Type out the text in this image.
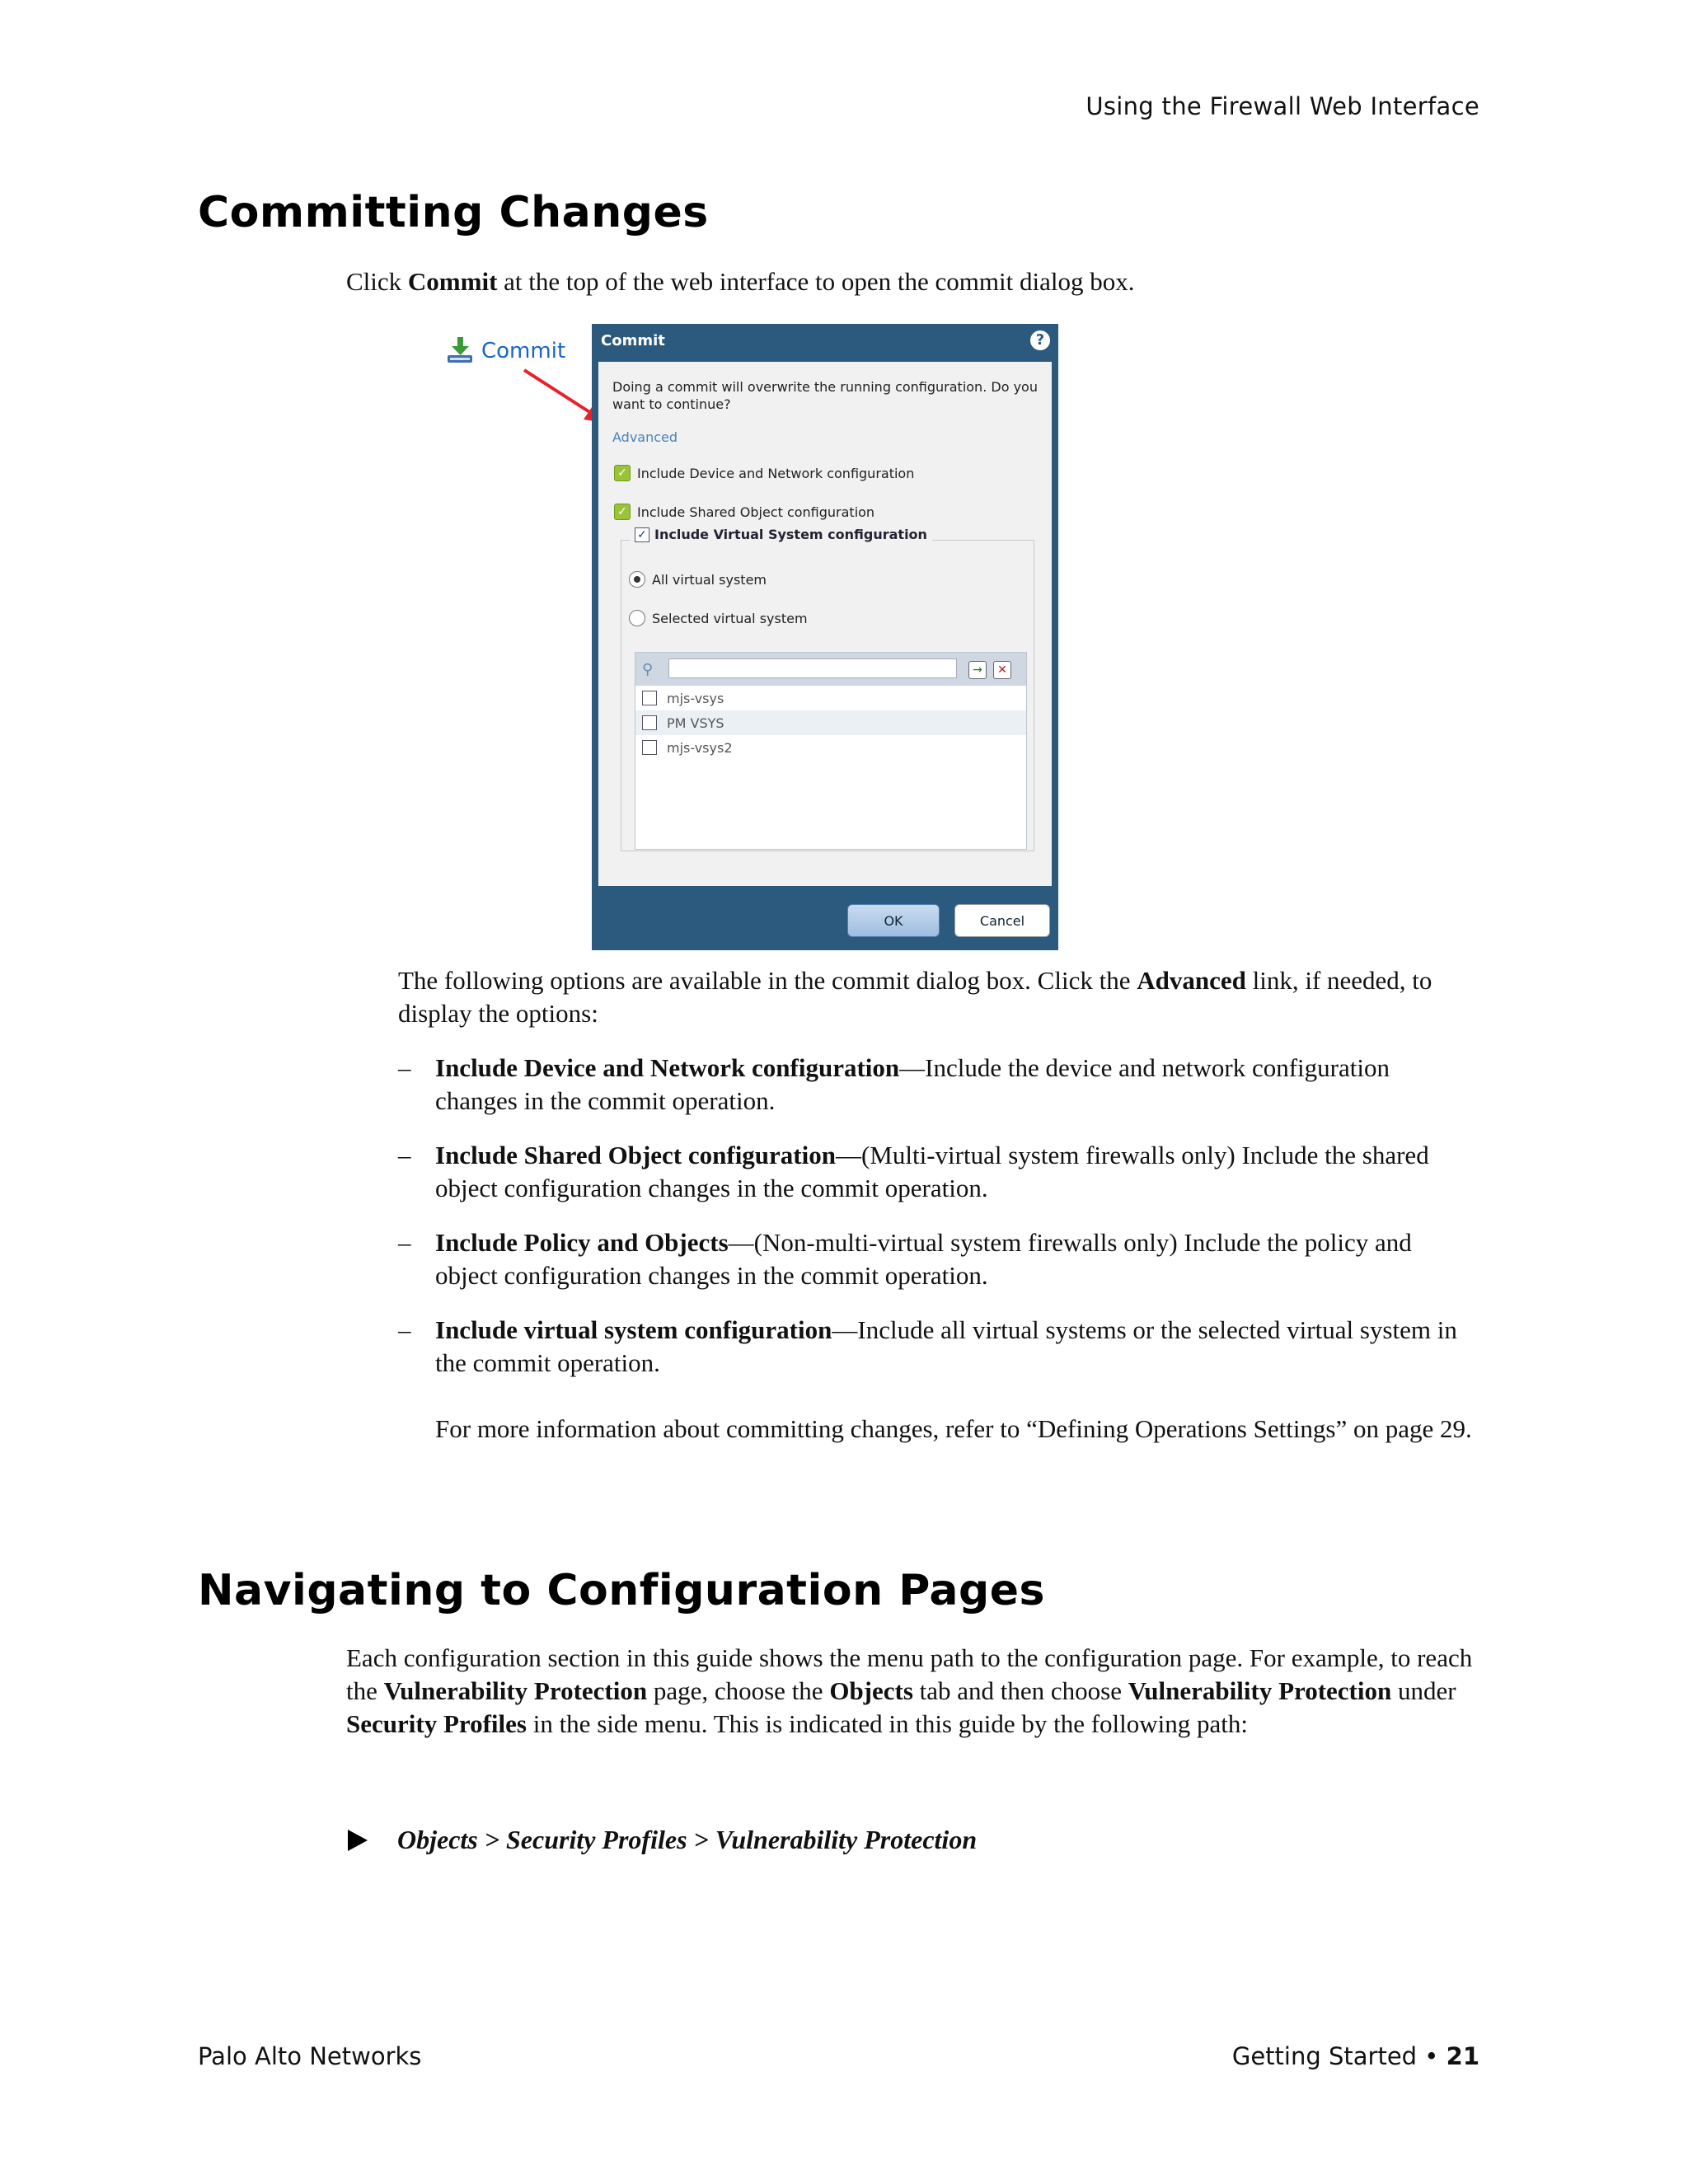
Using the Firewall Web Interface
Committing Changes

Click Commit at the top of the web interface to open the commit dialog box.

Commit Commit	?
Doing a commit will overwrite the running configuration. Do you want to continue?
Advanced
✓ Include Device and Network configuration
✓ Include Shared Object configuration
✓ Include Virtual System configuration
All virtual system
Selected virtual system
⚲	→	✕
mjs-vsys
PM VSYS
mjs-vsys2
OK	Cancel

The following options are available in the commit dialog box. Click the Advanced link, if needed, to display the options:

– Include Device and Network configuration—Include the device and network configuration changes in the commit operation.
– Include Shared Object configuration—(Multi-virtual system firewalls only) Include the shared object configuration changes in the commit operation.
– Include Policy and Objects—(Non-multi-virtual system firewalls only) Include the policy and object configuration changes in the commit operation.
– Include virtual system configuration—Include all virtual systems or the selected virtual system in the commit operation.

For more information about committing changes, refer to “Defining Operations Settings” on page 29.

Navigating to Configuration Pages

Each configuration section in this guide shows the menu path to the configuration page. For example, to reach the Vulnerability Protection page, choose the Objects tab and then choose Vulnerability Protection under Security Profiles in the side menu. This is indicated in this guide by the following path:

Objects > Security Profiles > Vulnerability Protection
Palo Alto Networks	Getting Started • 21
